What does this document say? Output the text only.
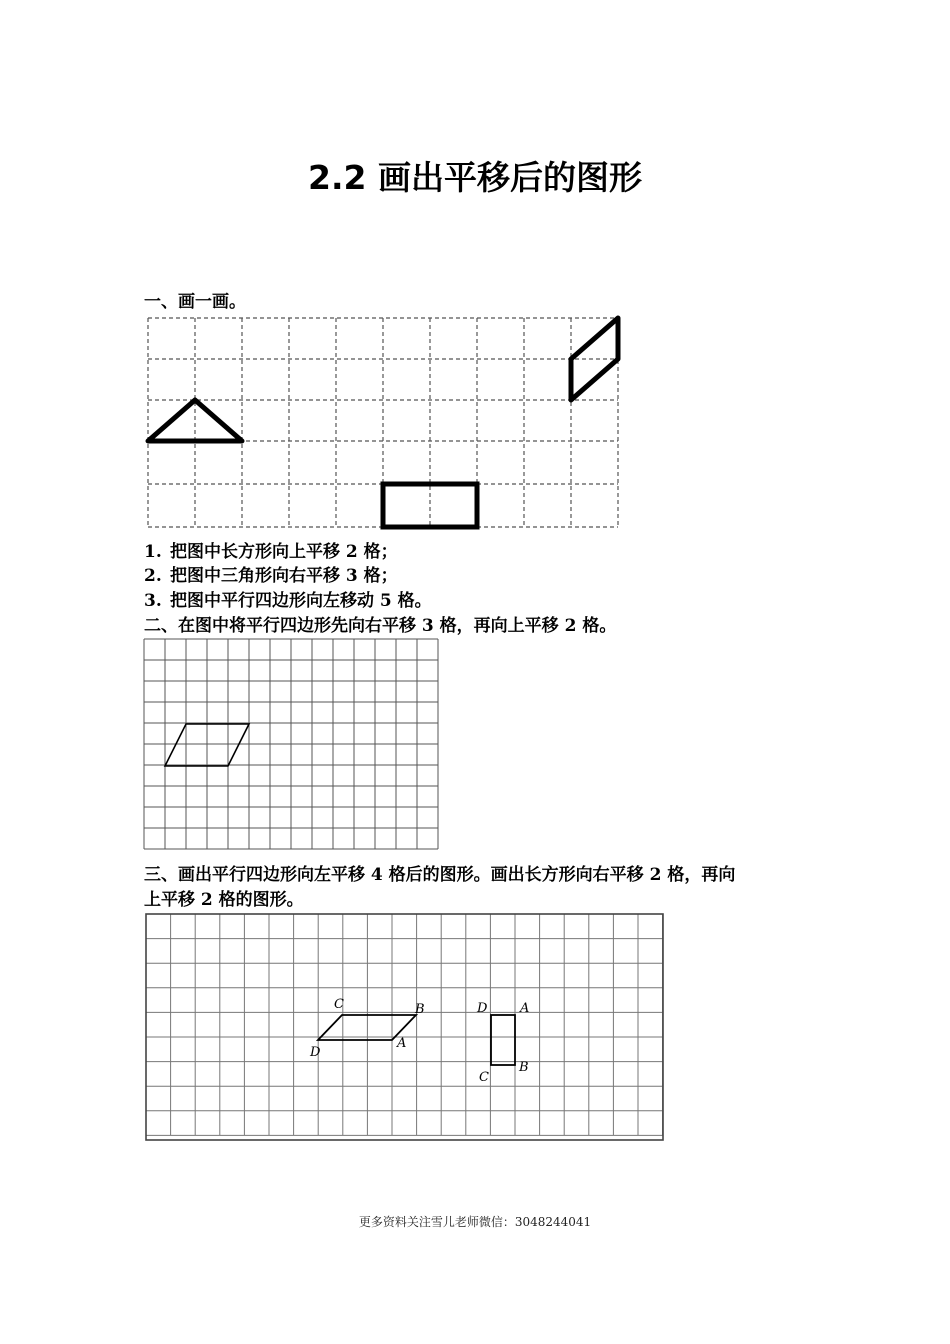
2.2 画出平移后的图形
一、画一画。
1. 把图中长方形向上平移 2 格；
2. 把图中三角形向右平移 3 格；
3. 把图中平行四边形向左移动 5 格。
二、在图中将平行四边形先向右平移 3 格，再向上平移 2 格。
三、画出平行四边形向左平移 4 格后的图形。画出长方形向右平移 2 格，再向
上平移 2 格的图形。
C	B
A
D
D	A
B
C
更多资料关注雪儿老师微信：3048244041
